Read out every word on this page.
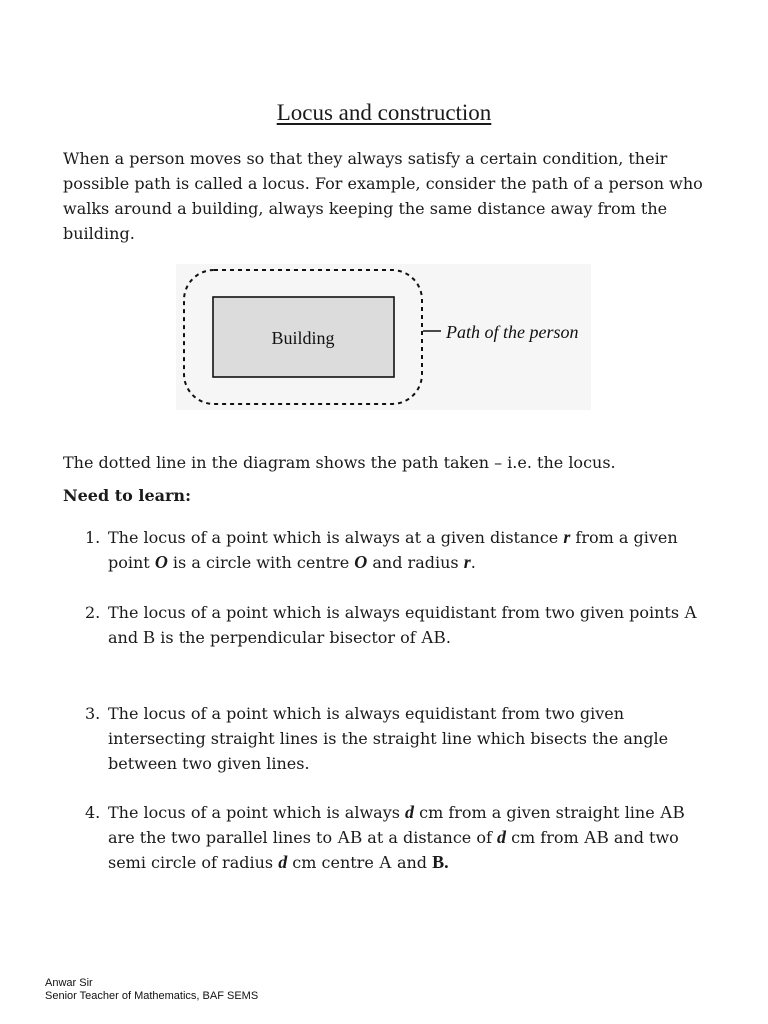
Locus and construction

When a person moves so that they always satisfy a certain condition, their possible path is called a locus. For example, consider the path of a person who walks around a building, always keeping the same distance away from the building.

Building	Path of the person

The dotted line in the diagram shows the path taken – i.e. the locus.

Need to learn:

1. The locus of a point which is always at a given distance r from a given point O is a circle with centre O and radius r.
2. The locus of a point which is always equidistant from two given points A and B is the perpendicular bisector of AB.
3. The locus of a point which is always equidistant from two given intersecting straight lines is the straight line which bisects the angle between two given lines.
4. The locus of a point which is always d cm from a given straight line AB are the two parallel lines to AB at a distance of d cm from AB and two semi circle of radius d cm centre A and B.
Anwar Sir
Senior Teacher of Mathematics, BAF SEMS
